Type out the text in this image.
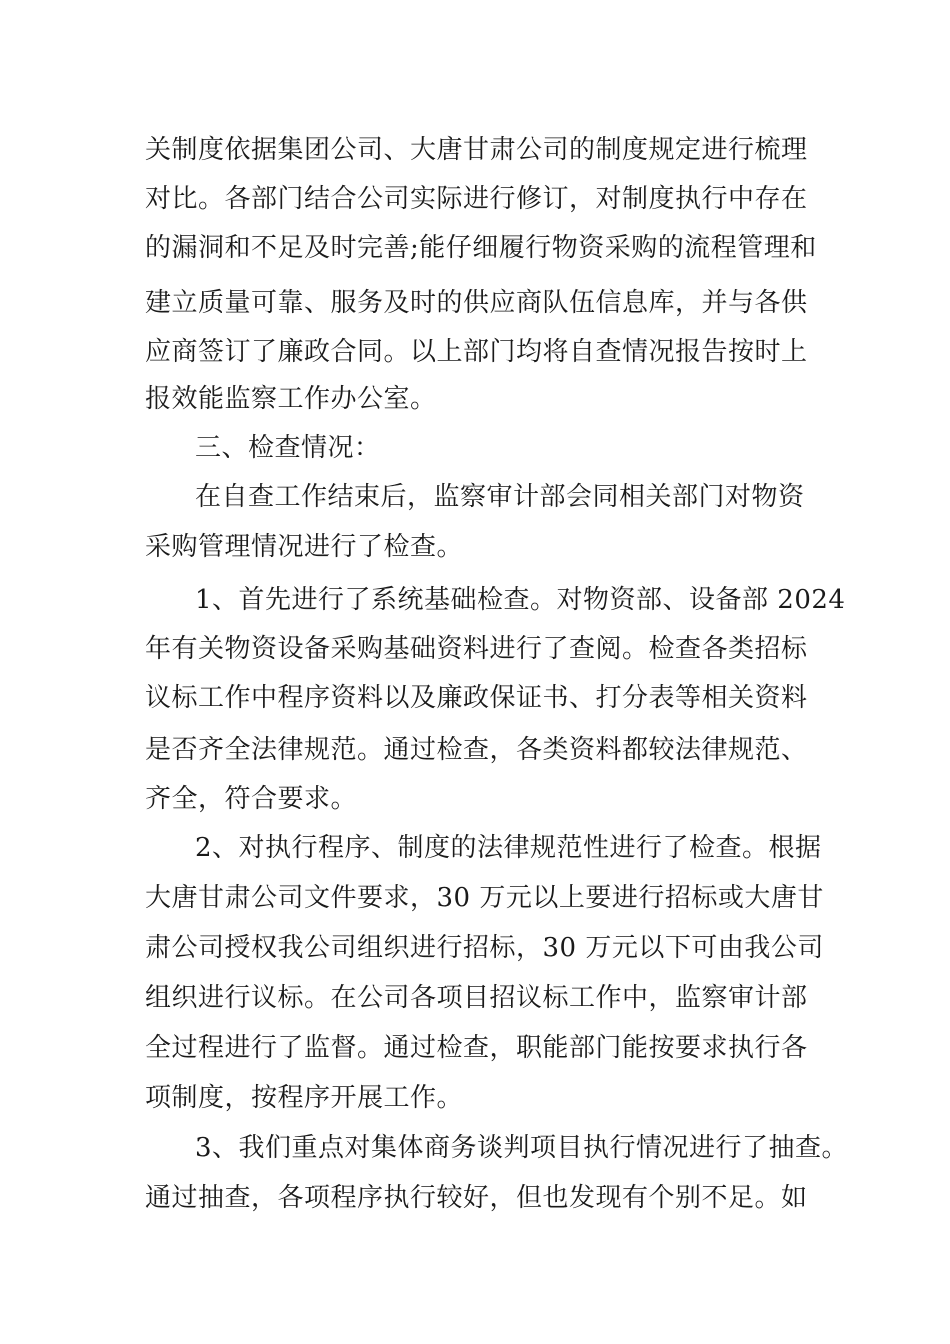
关制度依据集团公司、大唐甘肃公司的制度规定进行梳理
对比。各部门结合公司实际进行修订，对制度执行中存在
的漏洞和不足及时完善;能仔细履行物资采购的流程管理和
建立质量可靠、服务及时的供应商队伍信息库，并与各供
应商签订了廉政合同。以上部门均将自查情况报告按时上
报效能监察工作办公室。
三、检查情况：
在自查工作结束后，监察审计部会同相关部门对物资
采购管理情况进行了检查。
1、首先进行了系统基础检查。对物资部、设备部 2024
年有关物资设备采购基础资料进行了查阅。检查各类招标
议标工作中程序资料以及廉政保证书、打分表等相关资料
是否齐全法律规范。通过检查，各类资料都较法律规范、
齐全，符合要求。
2、对执行程序、制度的法律规范性进行了检查。根据
大唐甘肃公司文件要求，30 万元以上要进行招标或大唐甘
肃公司授权我公司组织进行招标，30 万元以下可由我公司
组织进行议标。在公司各项目招议标工作中，监察审计部
全过程进行了监督。通过检查，职能部门能按要求执行各
项制度，按程序开展工作。
3、我们重点对集体商务谈判项目执行情况进行了抽查。
通过抽查，各项程序执行较好，但也发现有个别不足。如
